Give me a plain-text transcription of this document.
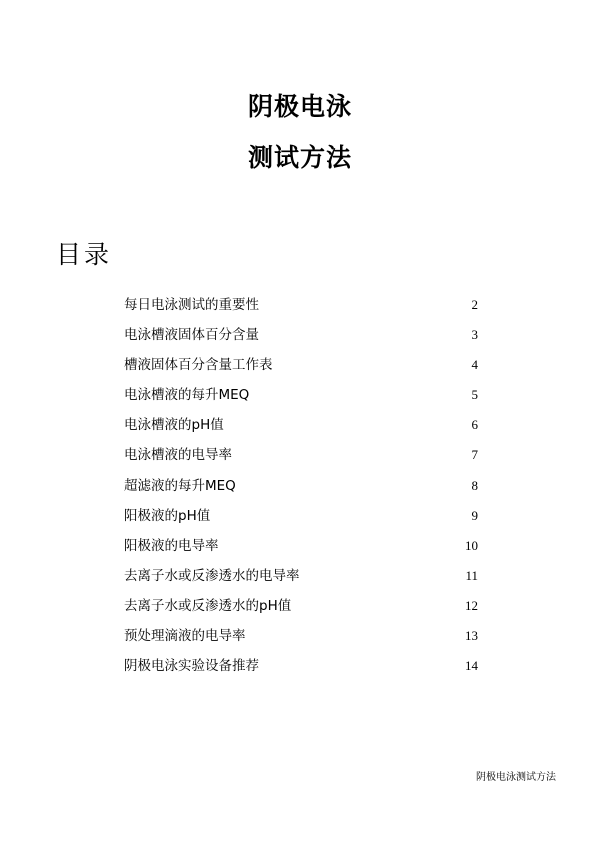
阴极电泳
测试方法
目录
每日电泳测试的重要性	2
电泳槽液固体百分含量	3
槽液固体百分含量工作表	4
电泳槽液的每升MEQ	5
电泳槽液的pH值	6
电泳槽液的电导率	7
超滤液的每升MEQ	8
阳极液的pH值	9
阳极液的电导率	10
去离子水或反渗透水的电导率	11
去离子水或反渗透水的pH值	12
预处理滴液的电导率	13
阴极电泳实验设备推荐	14
阴极电泳测试方法
